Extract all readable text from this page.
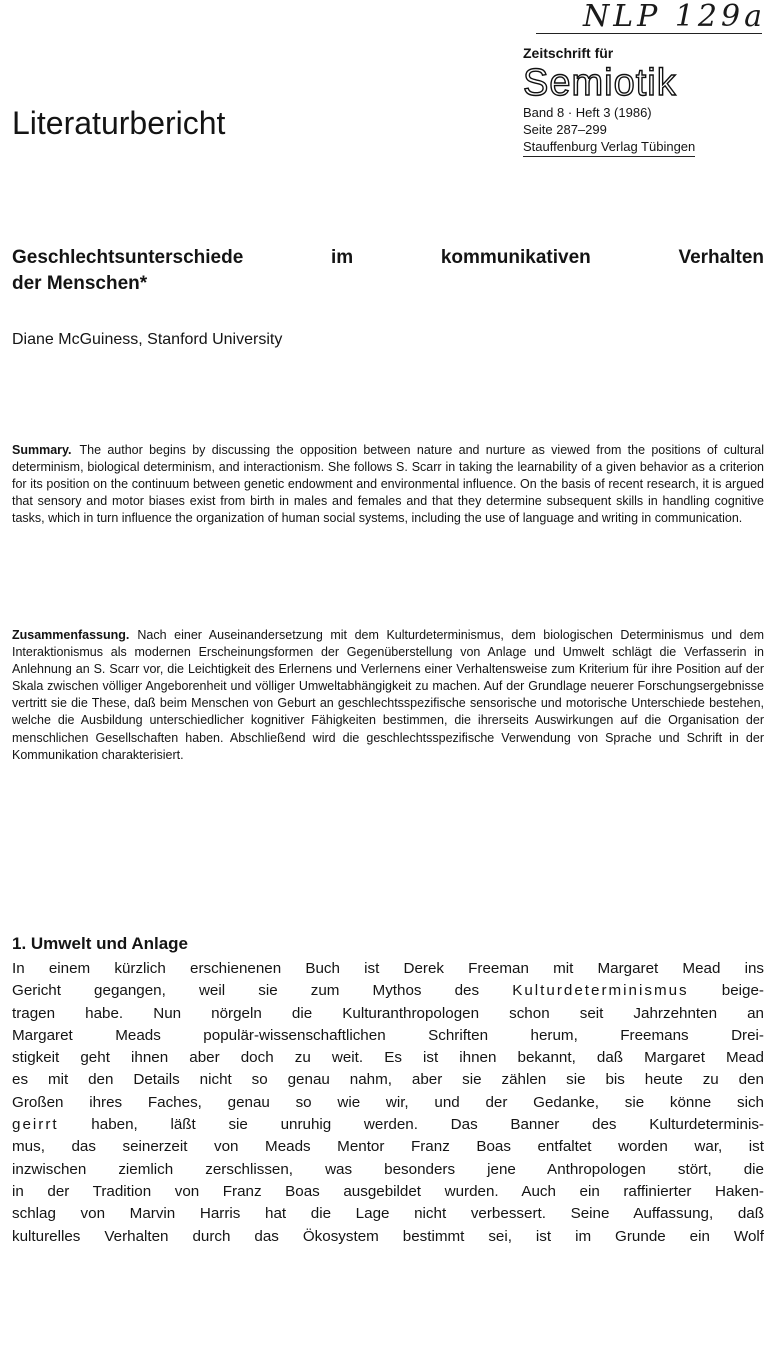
NLP 129a
Zeitschrift für
Semiotik
Band 8 · Heft 3 (1986)
Seite 287–299
Stauffenburg Verlag Tübingen
Literaturbericht
Geschlechtsunterschiede im kommunikativen Verhalten
der Menschen*
Diane McGuiness, Stanford University
Summary. The author begins by discussing the opposition between nature and nurture as viewed from the positions of cultural determinism, biological determinism, and interactionism. She follows S. Scarr in taking the learnability of a given behavior as a criterion for its position on the continuum between genetic endowment and environmental influence. On the basis of recent research, it is argued that sensory and motor biases exist from birth in males and females and that they determine subsequent skills in handling cognitive tasks, which in turn influence the organization of human social systems, including the use of language and writing in communication.
Zusammenfassung. Nach einer Auseinandersetzung mit dem Kulturdeterminismus, dem biologischen Determinismus und dem Interaktionismus als modernen Erscheinungsformen der Gegenüberstellung von Anlage und Umwelt schlägt die Verfasserin in Anlehnung an S. Scarr vor, die Leichtigkeit des Erlernens und Verlernens einer Verhaltensweise zum Kriterium für ihre Position auf der Skala zwischen völliger Angeborenheit und völliger Umweltabhängigkeit zu machen. Auf der Grundlage neuerer Forschungsergebnisse vertritt sie die These, daß beim Menschen von Geburt an geschlechtsspezifische sensorische und motorische Unterschiede bestehen, welche die Ausbildung unterschiedlicher kognitiver Fähigkeiten bestimmen, die ihrerseits Auswirkungen auf die Organisation der menschlichen Gesellschaften haben. Abschließend wird die geschlechtsspezifische Verwendung von Sprache und Schrift in der Kommunikation charakterisiert.
1. Umwelt und Anlage
In einem kürzlich erschienenen Buch ist Derek Freeman mit Margaret Mead ins
Gericht gegangen, weil sie zum Mythos des Kulturdeterminismus beige-
tragen habe. Nun nörgeln die Kulturanthropologen schon seit Jahrzehnten an
Margaret Meads populär-wissenschaftlichen Schriften herum, Freemans Drei-
stigkeit geht ihnen aber doch zu weit. Es ist ihnen bekannt, daß Margaret Mead
es mit den Details nicht so genau nahm, aber sie zählen sie bis heute zu den
Großen ihres Faches, genau so wie wir, und der Gedanke, sie könne sich
geirrt haben, läßt sie unruhig werden. Das Banner des Kulturdeterminis-
mus, das seinerzeit von Meads Mentor Franz Boas entfaltet worden war, ist
inzwischen ziemlich zerschlissen, was besonders jene Anthropologen stört, die
in der Tradition von Franz Boas ausgebildet wurden. Auch ein raffinierter Haken-
schlag von Marvin Harris hat die Lage nicht verbessert. Seine Auffassung, daß
kulturelles Verhalten durch das Ökosystem bestimmt sei, ist im Grunde ein Wolf
